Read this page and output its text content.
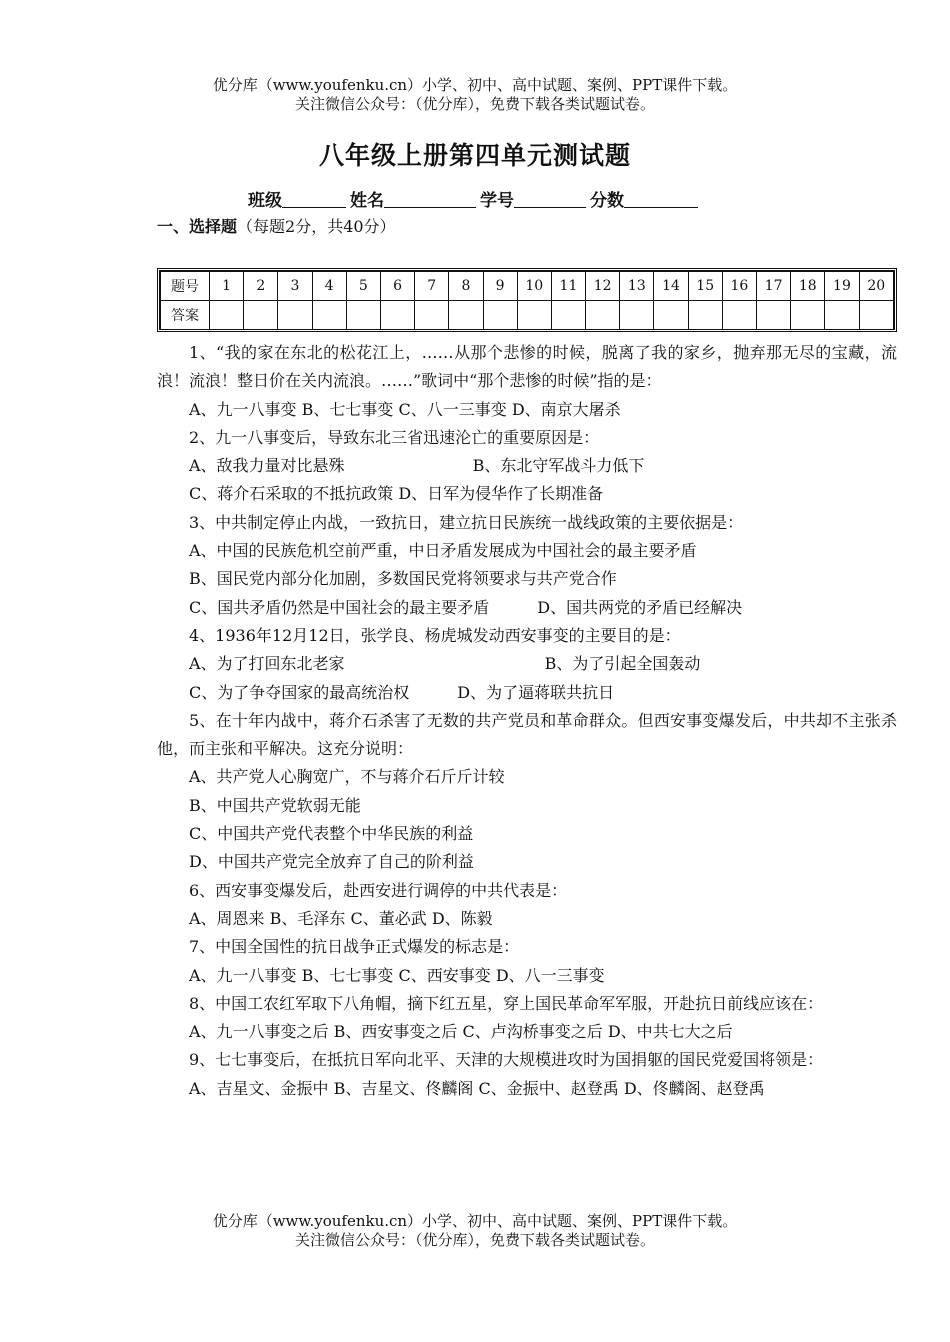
优分库（www.youfenku.cn）小学、初中、高中试题、案例、PPT课件下载。
关注微信公众号：（优分库），免费下载各类试题试卷。
八年级上册第四单元测试题
班级	姓名	学号	分数
一、选择题（每题2分，共40分）
题号	1	2	3	4	5	6	7	8	9	10	11	12	13	14	15	16	17	18	19	20
答案																				

1、“我的家在东北的松花江上，……从那个悲惨的时候，脱离了我的家乡，抛弃那无尽的宝藏，流浪！流浪！整日价在关内流浪。……”歌词中“那个悲惨的时候”指的是：

A、九一八事变 B、七七事变 C、八一三事变 D、南京大屠杀

2、九一八事变后，导致东北三省迅速沦亡的重要原因是：

A、敌我力量对比悬殊	B、东北守军战斗力低下

C、蒋介石采取的不抵抗政策 D、日军为侵华作了长期准备

3、中共制定停止内战，一致抗日，建立抗日民族统一战线政策的主要依据是：

A、中国的民族危机空前严重，中日矛盾发展成为中国社会的最主要矛盾

B、国民党内部分化加剧，多数国民党将领要求与共产党合作

C、国共矛盾仍然是中国社会的最主要矛盾	D、国共两党的矛盾已经解决

4、1936年12月12日，张学良、杨虎城发动西安事变的主要目的是：

A、为了打回东北老家	B、为了引起全国轰动

C、为了争夺国家的最高统治权	D、为了逼蒋联共抗日

5、在十年内战中，蒋介石杀害了无数的共产党员和革命群众。但西安事变爆发后，中共却不主张杀他，而主张和平解决。这充分说明：

A、共产党人心胸宽广，不与蒋介石斤斤计较

B、中国共产党软弱无能

C、中国共产党代表整个中华民族的利益

D、中国共产党完全放弃了自己的阶利益

6、西安事变爆发后，赴西安进行调停的中共代表是：

A、周恩来 B、毛泽东 C、董必武 D、陈毅

7、中国全国性的抗日战争正式爆发的标志是：

A、九一八事变 B、七七事变 C、西安事变 D、八一三事变

8、中国工农红军取下八角帽，摘下红五星，穿上国民革命军军服，开赴抗日前线应该在：

A、九一八事变之后 B、西安事变之后 C、卢沟桥事变之后 D、中共七大之后

9、七七事变后，在抵抗日军向北平、天津的大规模进攻时为国捐躯的国民党爱国将领是：

A、吉星文、金振中 B、吉星文、佟麟阁 C、金振中、赵登禹 D、佟麟阁、赵登禹

优分库（www.youfenku.cn）小学、初中、高中试题、案例、PPT课件下载。
关注微信公众号：（优分库），免费下载各类试题试卷。
